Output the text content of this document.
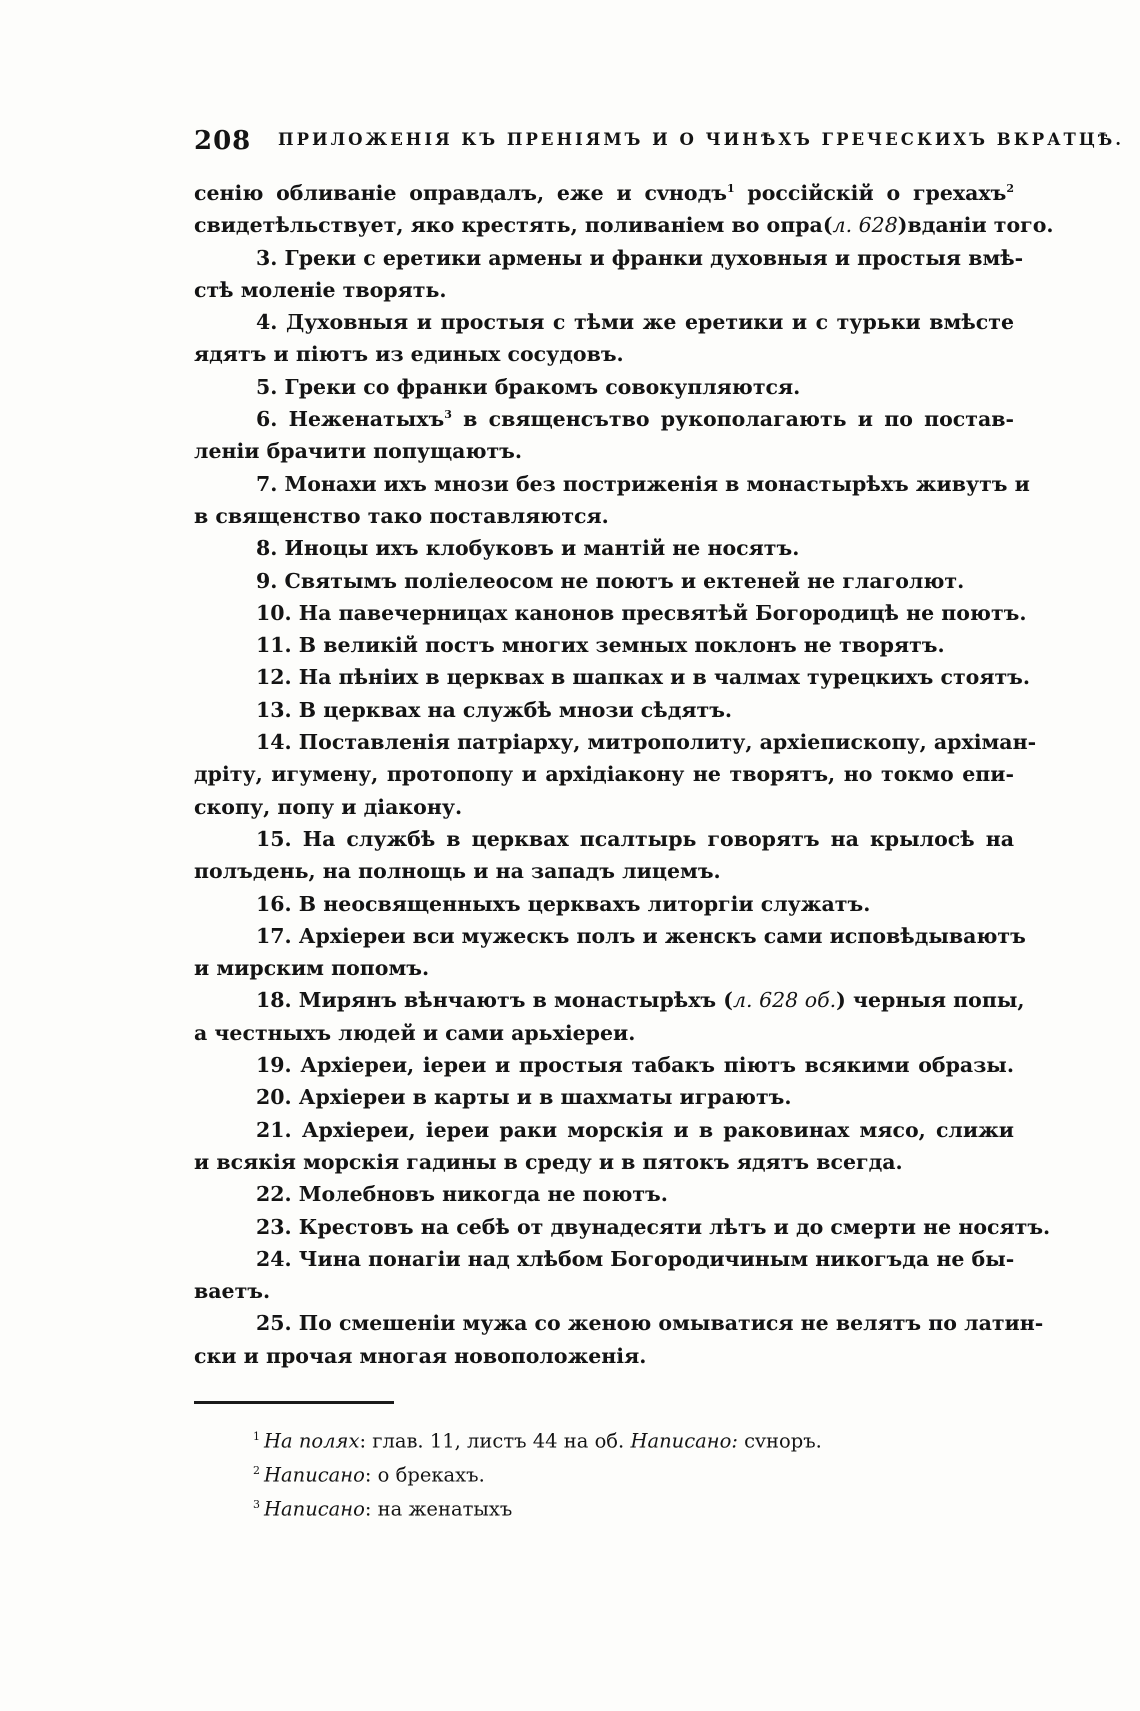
208 ПРИЛОЖЕНІЯ КЪ ПРЕНІЯМЪ И О ЧИНѢХЪ ГРЕЧЕСКИХЪ ВКРАТЦѢ.
сенію обливаніе оправдалъ, еже и сvнодъ$^1$ россійскій о грехахъ$^2$
свидетѣльствует, яко крестять, поливаніем во опра(л. 628)вданіи того.
3. Греки с еретики армены и франки духовныя и простыя вмѣ-
стѣ моленіе творять.
4. Духовныя и простыя с тѣми же еретики и с турьки вмѣсте
ядятъ и піютъ из единых сосудовъ.
5. Греки со франки бракомъ совокупляются.
6. Неженатыхъ$^3$ в священсътво рукополагають и по постав-
леніи брачити попущаютъ.
7. Монахи ихъ мнози без постриженія в монастырѣхъ живутъ и
в священство тако поставляются.
8. Иноцы ихъ клобуковъ и мантій не носятъ.
9. Святымъ поліелеосом не поютъ и ектеней не глаголют.
10. На павечерницах канонов пресвятѣй Богородицѣ не поютъ.
11. В великій постъ многих земных поклонъ не творятъ.
12. На пѣніих в церквах в шапках и в чалмах турецкихъ стоятъ.
13. В церквах на службѣ мнози сѣдятъ.
14. Поставленія патріарху, митрополиту, архіепископу, архіман-
дріту, игумену, протопопу и архідіакону не творятъ, но токмо епи-
скопу, попу и діакону.
15. На службѣ в церквах псалтырь говорятъ на крылосѣ на
полъдень, на полнощь и на западъ лицемъ.
16. В неосвященныхъ церквахъ литоргіи служатъ.
17. Архіереи вси мужескъ полъ и женскъ сами исповѣдываютъ
и мирским попомъ.
18. Мирянъ вѣнчаютъ в монастырѣхъ (л. 628 об.) черныя попы,
а честныхъ людей и сами арьхіереи.
19. Архіереи, іереи и простыя табакъ піютъ всякими образы.
20. Архіереи в карты и в шахматы играютъ.
21. Архіереи, іереи раки морскія и в раковинах мясо, слижи
и всякія морскія гадины в среду и в пятокъ ядятъ всегда.
22. Молебновъ никогда не поютъ.
23. Крестовъ на себѣ от двунадесяти лѣтъ и до смерти не носятъ.
24. Чина понагіи над хлѣбом Богородичиным никогъда не бы-
ваетъ.
25. По смешеніи мужа со женою омыватися не велятъ по латин-
ски и прочая многая новоположенія.
$^1$ На полях: глав. 11, листъ 44 на об. Написано: сvноръ.
$^2$ Написано: о брекахъ.
$^3$ Написано: на женатыхъ
